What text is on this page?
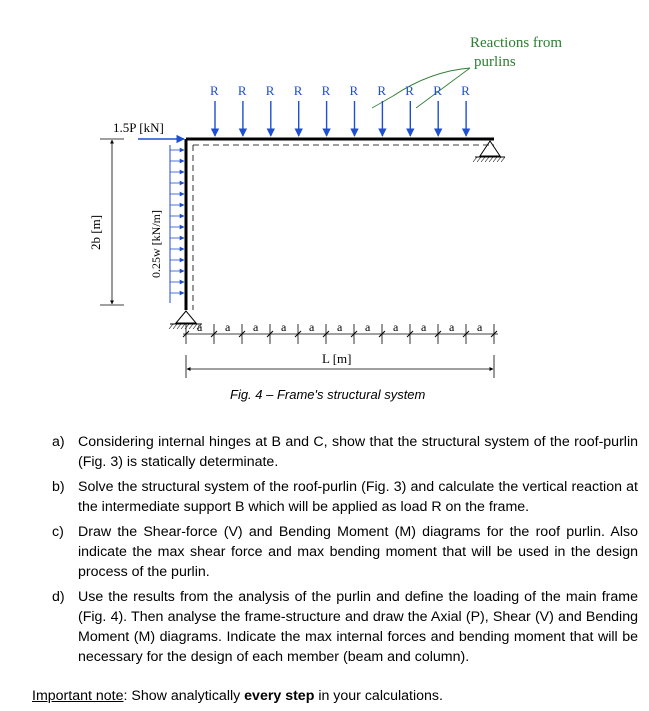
Reactions from
purlins
R R R R R R R R R R
1.5P [kN]
0.25w [kN/m]
2b [m]
a a a a a a a a a a a
L [m]
Fig. 4 – Frame's structural system
a) Considering internal hinges at B and C, show that the structural system of the roof-purlin (Fig. 3) is statically determinate.
b) Solve the structural system of the roof-purlin (Fig. 3) and calculate the vertical reaction at the intermediate support B which will be applied as load R on the frame.
c) Draw the Shear-force (V) and Bending Moment (M) diagrams for the roof purlin. Also indicate the max shear force and max bending moment that will be used in the design process of the purlin.
d) Use the results from the analysis of the purlin and define the loading of the main frame (Fig. 4). Then analyse the frame-structure and draw the Axial (P), Shear (V) and Bending Moment (M) diagrams. Indicate the max internal forces and bending moment that will be necessary for the design of each member (beam and column).
Important note: Show analytically every step in your calculations.
